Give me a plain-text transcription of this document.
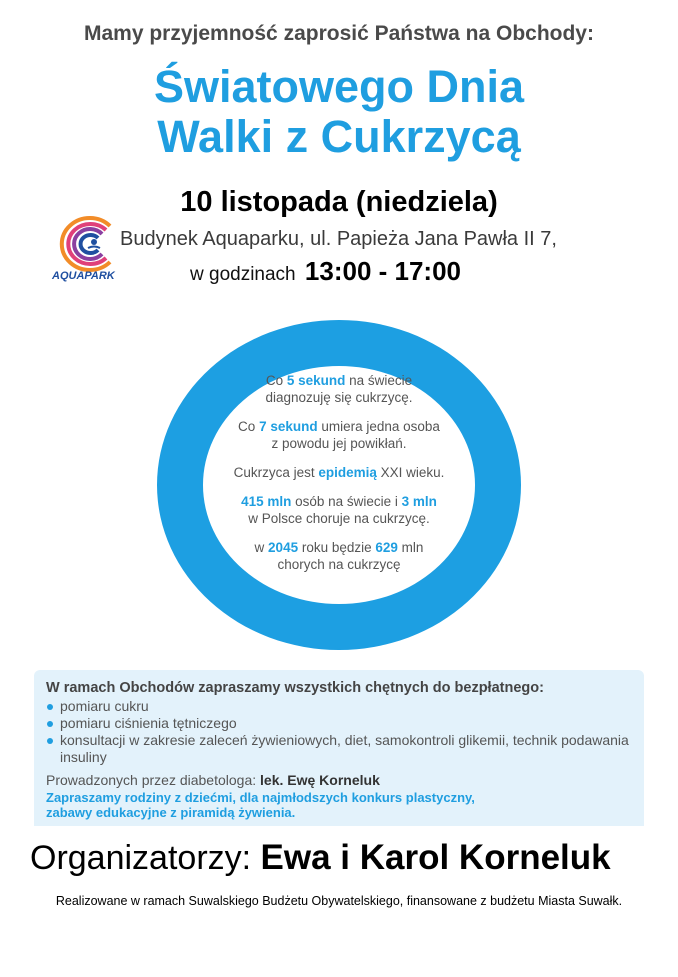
Mamy przyjemność zaprosić Państwa na Obchody:

Światowego Dnia
Walki z Cukrzycą

10 listopada (niedziela)

AQUAPARK
Budynek Aquaparku, ul. Papieża Jana Pawła II 7,
w godzinach 13:00 - 17:00

Co 5 sekund na świecie
diagnozuję się cukrzycę.

Co 7 sekund umiera jedna osoba
z powodu jej powikłań.

Cukrzyca jest epidemią XXI wieku.

415 mln osób na świecie i 3 mln
w Polsce choruje na cukrzycę.

w 2045 roku będzie 629 mln
chorych na cukrzycę

W ramach Obchodów zapraszamy wszystkich chętnych do bezpłatnego:

pomiaru cukru
pomiaru ciśnienia tętniczego
konsultacji w zakresie zaleceń żywieniowych, diet, samokontroli glikemii, technik podawania insuliny
Prowadzonych przez diabetologa: lek. Ewę Korneluk
Zapraszamy rodziny z dziećmi, dla najmłodszych konkurs plastyczny,
zabawy edukacyjne z piramidą żywienia.
Organizatorzy: Ewa i Karol Korneluk
Realizowane w ramach Suwalskiego Budżetu Obywatelskiego, finansowane z budżetu Miasta Suwałk.
